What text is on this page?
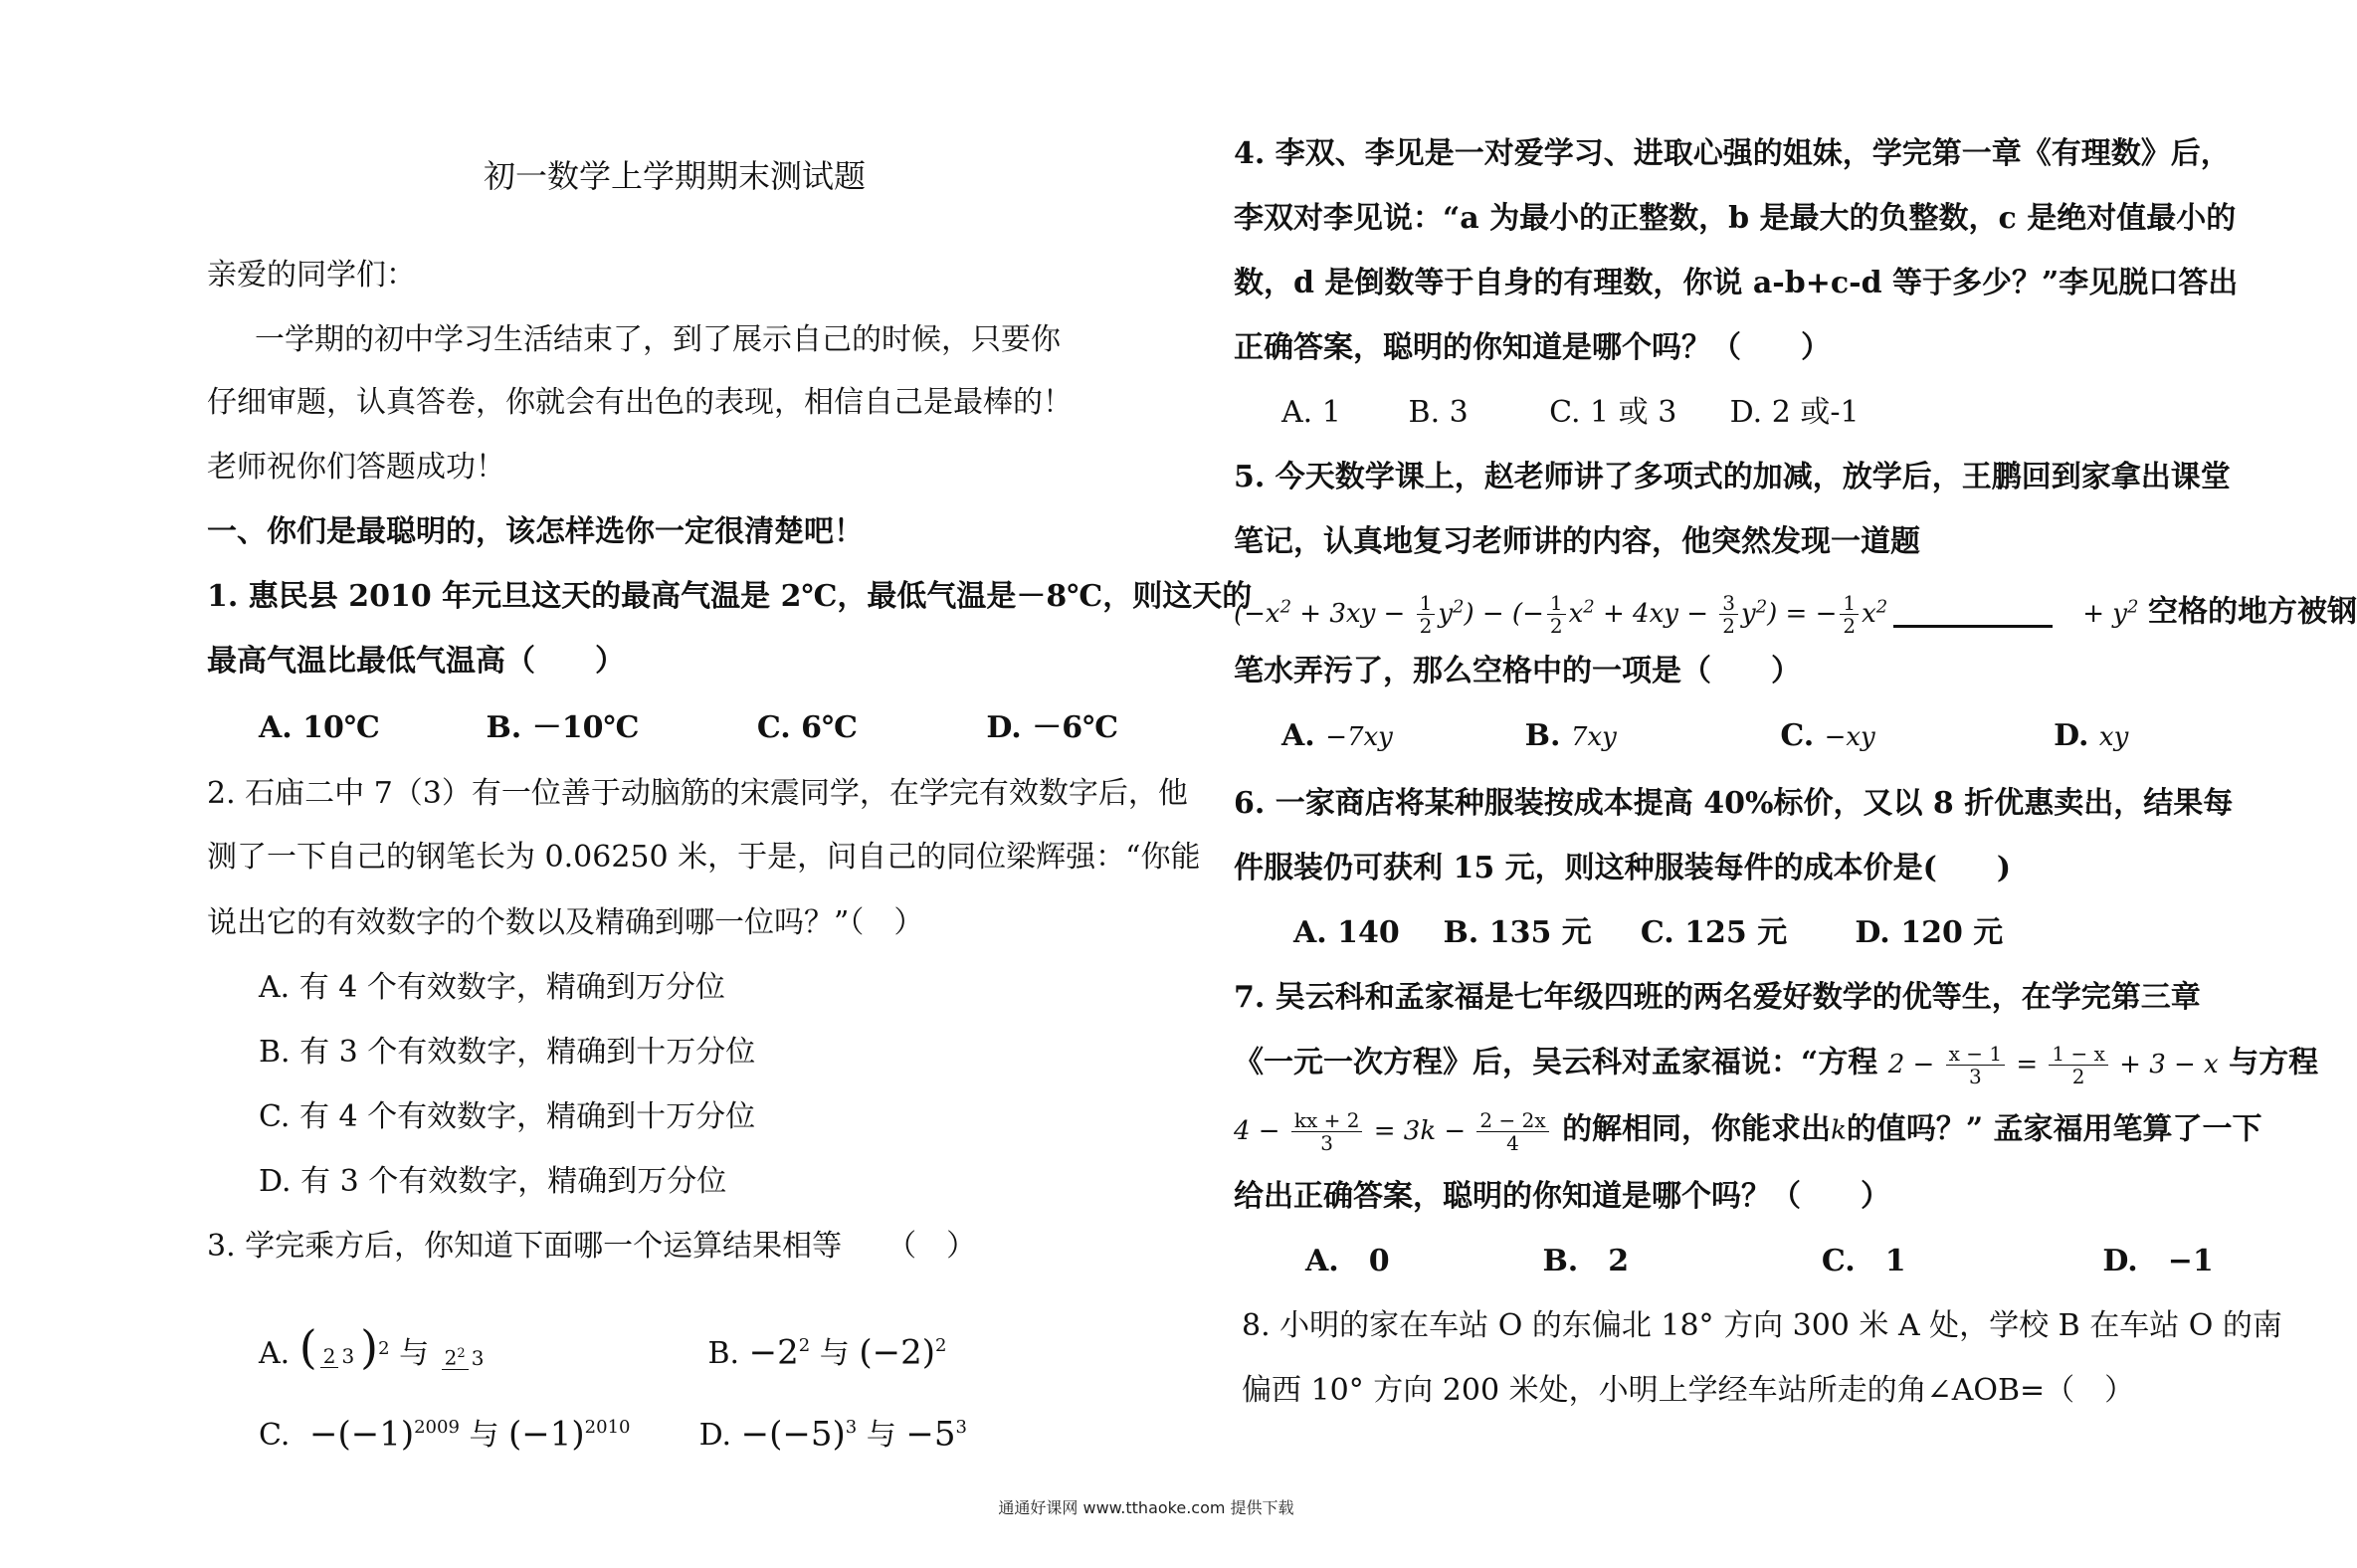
初一数学上学期期末测试题
亲爱的同学们：
一学期的初中学习生活结束了，到了展示自己的时候，只要你
仔细审题，认真答卷，你就会有出色的表现，相信自己是最棒的！
老师祝你们答题成功！
一、你们是最聪明的，该怎样选你一定很清楚吧！
1. 惠民县 2010 年元旦这天的最高气温是 2℃，最低气温是－8℃，则这天的
最高气温比最低气温高（　　）
A. 10℃	B. －10℃	C. 6℃	D. －6℃
2. 石庙二中 7（3）有一位善于动脑筋的宋震同学，在学完有效数字后，他
测了一下自己的钢笔长为 0.06250 米，于是，问自己的同位梁辉强：“你能
说出它的有效数字的个数以及精确到哪一位吗？”（　）
A. 有 4 个有效数字，精确到万分位
B. 有 3 个有效数字，精确到十万分位
C. 有 4 个有效数字，精确到十万分位
D. 有 3 个有效数字，精确到万分位
3. 学完乘方后，你知道下面哪一个运算结果相等　　（　）
A. ( 2 3 )2 与 22 3	B. −22 与 (−2)2
C. −(−1)2009 与 (−1)2010 D. −(−5)3 与 −53
4. 李双、李见是一对爱学习、进取心强的姐妹，学完第一章《有理数》后，
李双对李见说：“a 为最小的正整数，b 是最大的负整数，c 是绝对值最小的
数，d 是倒数等于自身的有理数，你说 a-b+c-d 等于多少？”李见脱口答出
正确答案，聪明的你知道是哪个吗？（　　）
A. 1 B. 3	C. 1 或 3 D. 2 或-1
5. 今天数学课上，赵老师讲了多项式的加减，放学后，王鹏回到家拿出课堂
笔记，认真地复习老师讲的内容，他突然发现一道题
$(-x^2 + 3xy - \frac{1}{2} y^2)$ − (− $\frac{1}{2} x^2 + 4xy - \frac{3}{2} y^2$) = − $\frac{1}{2} x^2$	+ $y^2$ 空格的地方被钢
笔水弄污了，那么空格中的一项是（　　）
A. −7xy	B. 7xy	C. −xy	D. xy
6. 一家商店将某种服装按成本提高 40%标价，又以 8 折优惠卖出，结果每
件服装仍可获利 15 元，则这种服装每件的成本价是(　　)
A. 140 B. 135 元 C. 125 元 D. 120 元
7. 吴云科和孟家福是七年级四班的两名爱好数学的优等生，在学完第三章
《一元一次方程》后，吴云科对孟家福说：“方程 $2 - \frac{x - 1}{3} = \frac{1 - x}{2} + 3 - x$ 与方程
$4 - \frac{kx + 2}{3} = 3k - \frac{2 - 2x}{4}$ 的解相同，你能求出k的值吗？” 孟家福用笔算了一下
给出正确答案，聪明的你知道是哪个吗？（　　）
A.　0	B.　2	C.　1	D.　−1
8. 小明的家在车站 O 的东偏北 18° 方向 300 米 A 处，学校 B 在车站 O 的南
偏西 10° 方向 200 米处，小明上学经车站所走的角∠AOB=（　）
通通好课网 www.tthaoke.com 提供下载
